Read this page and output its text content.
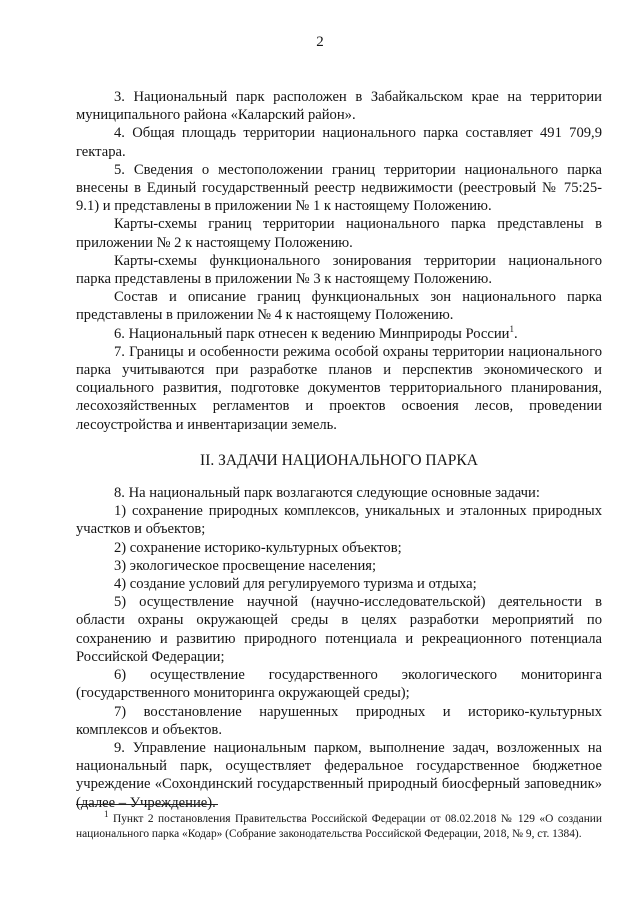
2

3. Национальный парк расположен в Забайкальском крае на территории муниципального района «Каларский район».

4. Общая площадь территории национального парка составляет 491 709,9 гектара.

5. Сведения о местоположении границ территории национального парка внесены в Единый государственный реестр недвижимости (реестровый № 75:25-9.1) и представлены в приложении № 1 к настоящему Положению.

Карты-схемы границ территории национального парка представлены в приложении № 2 к настоящему Положению.

Карты-схемы функционального зонирования территории национального парка представлены в приложении № 3 к настоящему Положению.

Состав и описание границ функциональных зон национального парка представлены в приложении № 4 к настоящему Положению.

6. Национальный парк отнесен к ведению Минприроды России$^1$.

7. Границы и особенности режима особой охраны территории национального парка учитываются при разработке планов и перспектив экономического и социального развития, подготовке документов территориального планирования, лесохозяйственных регламентов и проектов освоения лесов, проведении лесоустройства и инвентаризации земель.

II. ЗАДАЧИ НАЦИОНАЛЬНОГО ПАРКА

8. На национальный парк возлагаются следующие основные задачи:

1) сохранение природных комплексов, уникальных и эталонных природных участков и объектов;

2) сохранение историко-культурных объектов;

3) экологическое просвещение населения;

4) создание условий для регулируемого туризма и отдыха;

5) осуществление научной (научно-исследовательской) деятельности в области охраны окружающей среды в целях разработки мероприятий по сохранению и развитию природного потенциала и рекреационного потенциала Российской Федерации;

6) осуществление государственного экологического мониторинга (государственного мониторинга окружающей среды);

7) восстановление нарушенных природных и историко-культурных комплексов и объектов.

9. Управление национальным парком, выполнение задач, возложенных на национальный парк, осуществляет федеральное государственное бюджетное учреждение «Сохондинский государственный природный биосферный заповедник» (далее – Учреждение).

$^1$ Пункт 2 постановления Правительства Российской Федерации от 08.02.2018 № 129 «О создании национального парка «Кодар» (Собрание законодательства Российской Федерации, 2018, № 9, ст. 1384).
